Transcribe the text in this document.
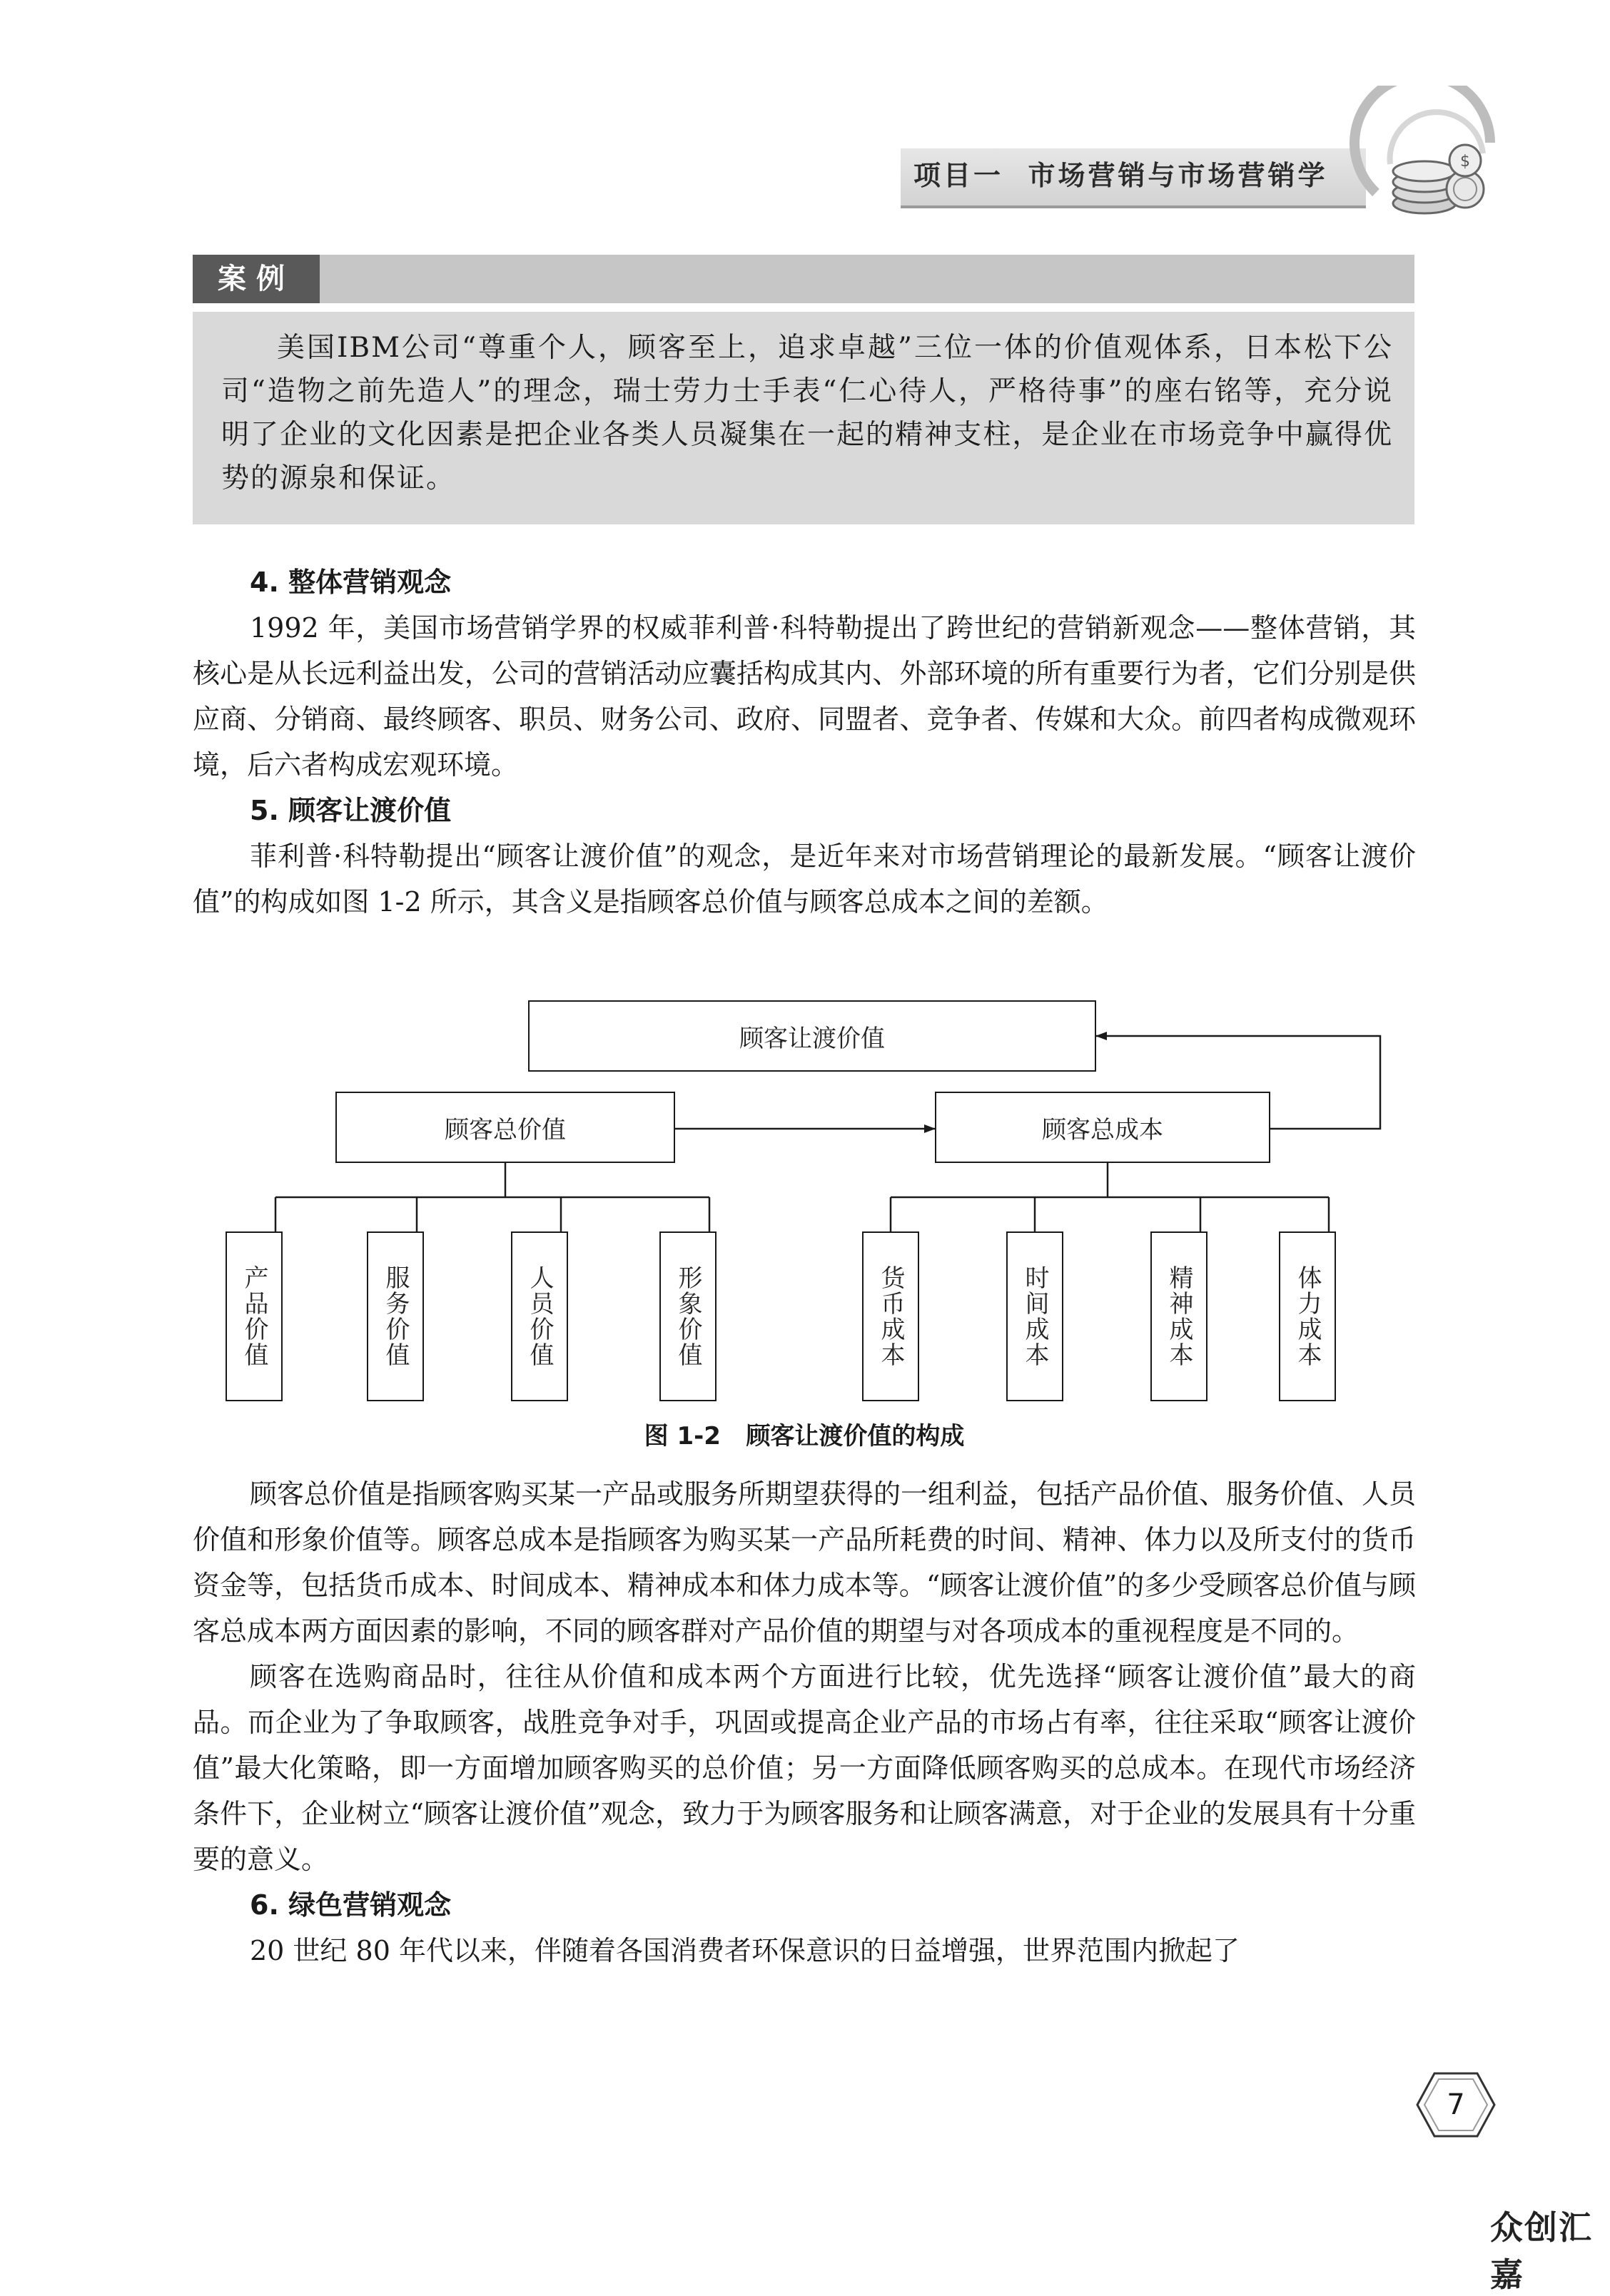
项目一  市场营销与市场营销学	$
案例

美国IBM公司“尊重个人，顾客至上，追求卓越”三位一体的价值观体系，日本松下公司“造物之前先造人”的理念，瑞士劳力士手表“仁心待人，严格待事”的座右铭等，充分说明了企业的文化因素是把企业各类人员凝集在一起的精神支柱，是企业在市场竞争中赢得优势的源泉和保证。

4. 整体营销观念

1992 年，美国市场营销学界的权威菲利普·科特勒提出了跨世纪的营销新观念——整体营销，其核心是从长远利益出发，公司的营销活动应囊括构成其内、外部环境的所有重要行为者，它们分别是供应商、分销商、最终顾客、职员、财务公司、政府、同盟者、竞争者、传媒和大众。前四者构成微观环境，后六者构成宏观环境。

5. 顾客让渡价值

菲利普·科特勒提出“顾客让渡价值”的观念，是近年来对市场营销理论的最新发展。“顾客让渡价值”的构成如图 1-2 所示，其含义是指顾客总价值与顾客总成本之间的差额。

顾客让渡价值
顾客总价值	顾客总成本
产品价值	服务价值	人员价值	形象价值	货币成本	时间成本	精神成本	体力成本
图 1-2   顾客让渡价值的构成

顾客总价值是指顾客购买某一产品或服务所期望获得的一组利益，包括产品价值、服务价值、人员价值和形象价值等。顾客总成本是指顾客为购买某一产品所耗费的时间、精神、体力以及所支付的货币资金等，包括货币成本、时间成本、精神成本和体力成本等。“顾客让渡价值”的多少受顾客总价值与顾客总成本两方面因素的影响，不同的顾客群对产品价值的期望与对各项成本的重视程度是不同的。

顾客在选购商品时，往往从价值和成本两个方面进行比较，优先选择“顾客让渡价值”最大的商品。而企业为了争取顾客，战胜竞争对手，巩固或提高企业产品的市场占有率，往往采取“顾客让渡价值”最大化策略，即一方面增加顾客购买的总价值；另一方面降低顾客购买的总成本。在现代市场经济条件下，企业树立“顾客让渡价值”观念，致力于为顾客服务和让顾客满意，对于企业的发展具有十分重要的意义。

6. 绿色营销观念

20 世纪 80 年代以来，伴随着各国消费者环保意识的日益增强，世界范围内掀起了

7
众创汇嘉
